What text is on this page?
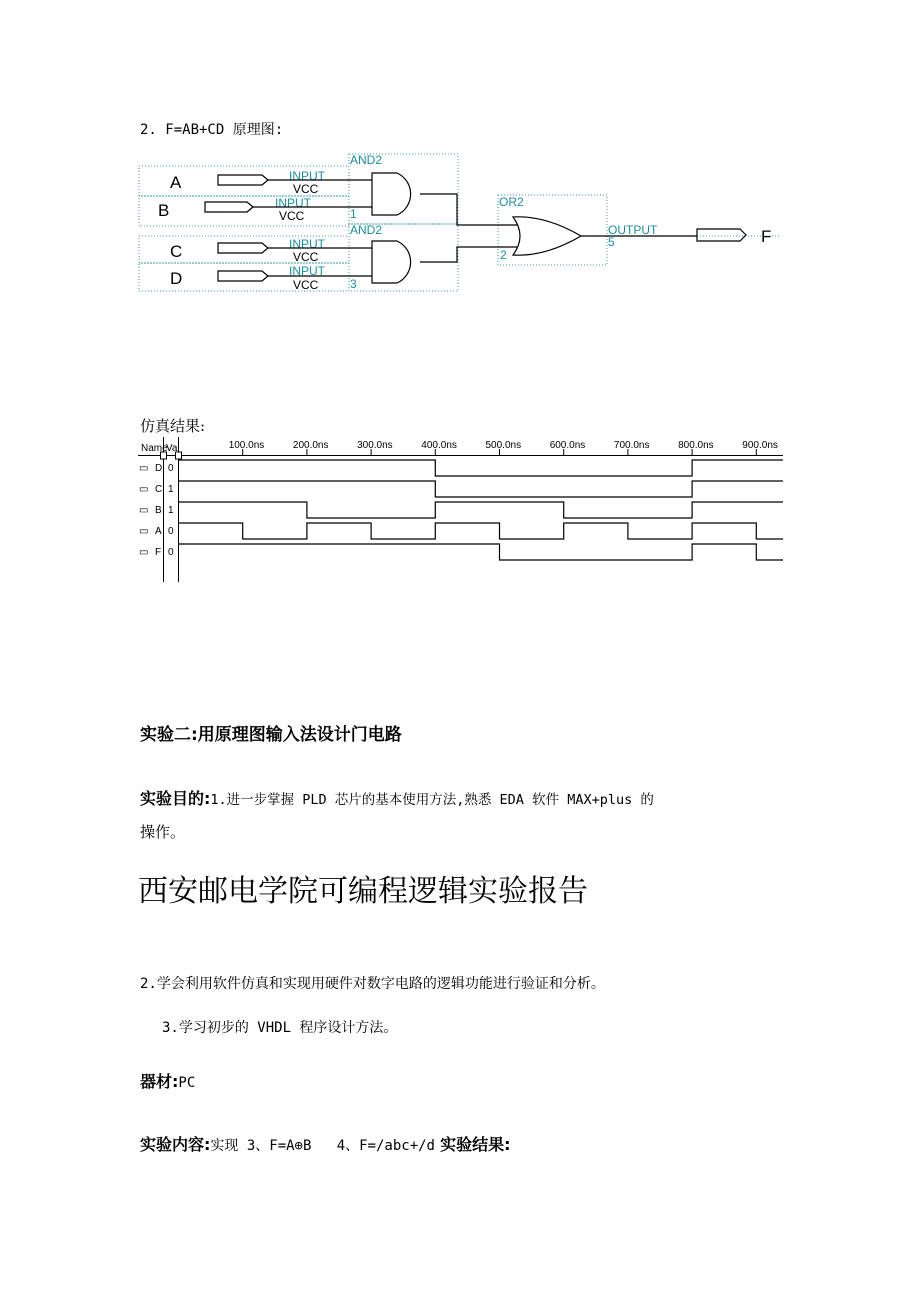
2. F=AB+CD 原理图:
A
B
C
D
INPUT
VCC
INPUT
VCC
INPUT
VCC
INPUT
VCC
AND2
AND2
OR2
OUTPUT
1
3
2
5	F
仿真结果:
Name
Va	100.0ns	200.0ns	300.0ns	400.0ns	500.0ns	600.0ns	700.0ns	800.0ns	900.0ns
▭ D 0
▭ C 1
▭ B 1
▭ A 0
▭ F 0
实验二:用原理图输入法设计门电路
实验目的:1.进一步掌握 PLD 芯片的基本使用方法,熟悉 EDA 软件 MAX+plus 的
操作。
西安邮电学院可编程逻辑实验报告
2.学会利用软件仿真和实现用硬件对数字电路的逻辑功能进行验证和分析。
3.学习初步的 VHDL 程序设计方法。
器材:PC
实验内容:实现 3、F=A⊕B   4、F=/abc+/d 实验结果:
